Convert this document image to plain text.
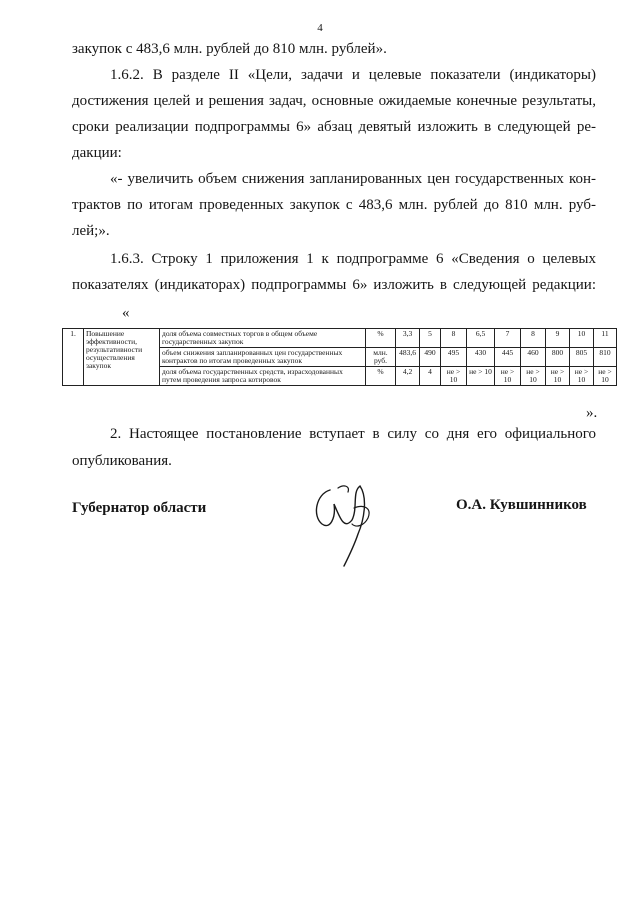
4
закупок с 483,6 млн. рублей до 810 млн. рублей».
1.6.2. В разделе II «Цели, задачи и целевые показатели (индикаторы)
достижения целей и решения задач, основные ожидаемые конечные результаты,
сроки реализации подпрограммы 6» абзац девятый изложить в следующей ре-
дакции:
«- увеличить объем снижения запланированных цен государственных кон-
трактов по итогам проведенных закупок с 483,6 млн. рублей до 810 млн. руб-
лей;».
1.6.3. Строку 1 приложения 1 к подпрограмме 6 «Сведения о целевых
показателях (индикаторах) подпрограммы 6» изложить в следующей редакции:
«
1.	Повышение эффективности, результативности осуществления закупок	доля объема совместных торгов в общем объеме государственных закупок	%	3,3	5	8	6,5	7	8	9	10	11
		объем снижения запланированных цен государственных контрактов по итогам проведенных закупок	млн. руб.	483,6	490	495	430	445	460	800	805	810
		доля объема государственных средств, израсходованных путем проведения запроса котировок	%	4,2	4	не > 10	не > 10	не > 10	не > 10	не > 10	не > 10	не > 10
».
2. Настоящее постановление вступает в силу со дня его официального
опубликования.
Губернатор области	О.А. Кувшинников
